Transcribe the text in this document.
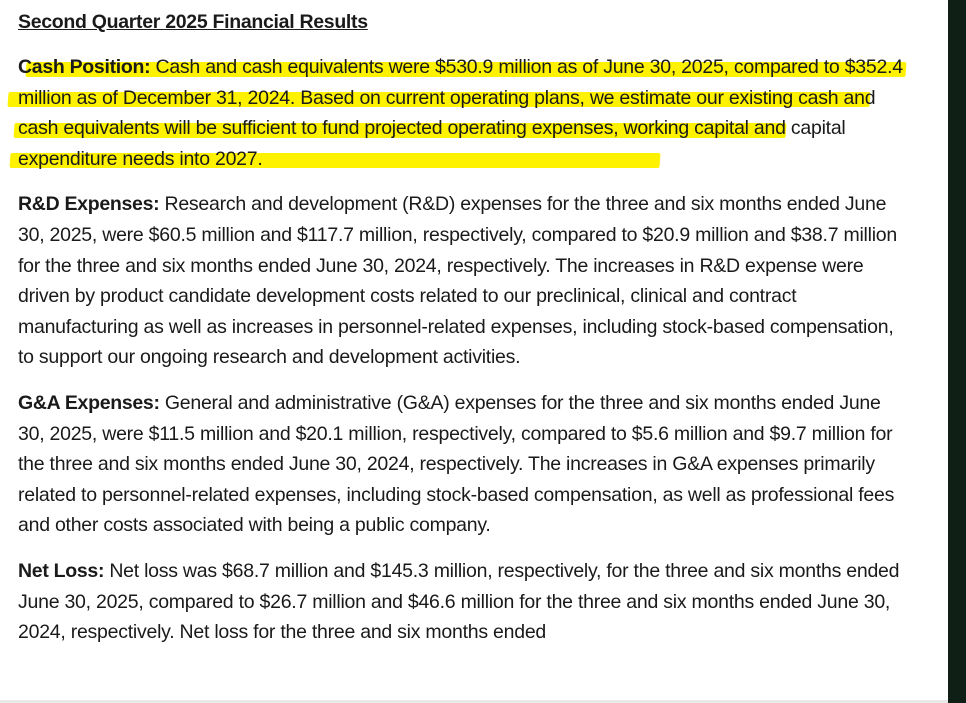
Second Quarter 2025 Financial Results
Cash Position: Cash and cash equivalents were $530.9 million as of June 30, 2025, compared to $352.4 million as of December 31, 2024. Based on current operating plans, we estimate our existing cash and cash equivalents will be sufficient to fund projected operating expenses, working capital and capital expenditure needs into 2027.
R&D Expenses: Research and development (R&D) expenses for the three and six months ended June 30, 2025, were $60.5 million and $117.7 million, respectively, compared to $20.9 million and $38.7 million for the three and six months ended June 30, 2024, respectively. The increases in R&D expense were driven by product candidate development costs related to our preclinical, clinical and contract manufacturing as well as increases in personnel-related expenses, including stock-based compensation, to support our ongoing research and development activities.
G&A Expenses: General and administrative (G&A) expenses for the three and six months ended June 30, 2025, were $11.5 million and $20.1 million, respectively, compared to $5.6 million and $9.7 million for the three and six months ended June 30, 2024, respectively. The increases in G&A expenses primarily related to personnel-related expenses, including stock-based compensation, as well as professional fees and other costs associated with being a public company.
Net Loss: Net loss was $68.7 million and $145.3 million, respectively, for the three and six months ended June 30, 2025, compared to $26.7 million and $46.6 million for the three and six months ended June 30, 2024, respectively. Net loss for the three and six months ended
